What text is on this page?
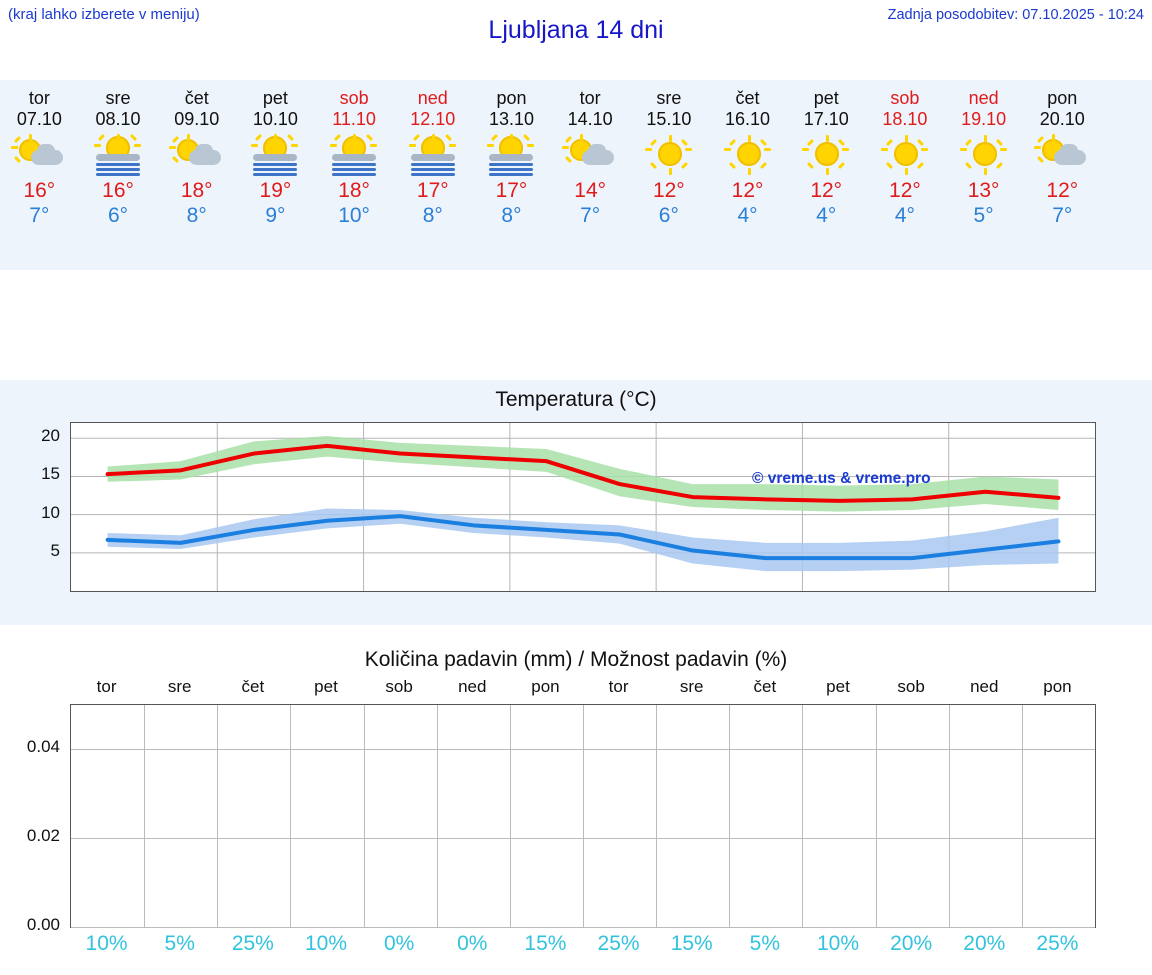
(kraj lahko izberete v meniju)
Ljubljana 14 dni
Zadnja posodobitev: 07.10.2025 - 10:24
tor
07.10
16°
7°
sre
08.10
16°
6°
čet
09.10
18°
8°
pet
10.10
19°
9°
sob
11.10
18°
10°
ned
12.10
17°
8°
pon
13.10
17°
8°
tor
14.10
14°
7°
sre
15.10
12°
6°
čet
16.10
12°
4°
pet
17.10
12°
4°
sob
18.10
12°
4°
ned
19.10
13°
5°
pon
20.10
12°
7°
Temperatura (°C)
5
10
15
20
© vreme.us & vreme.pro
Količina padavin (mm) / Možnost padavin (%)
tor	sre	čet	pet	sob	ned	pon	tor	sre	čet	pet	sob	ned	pon
0.00
0.02
0.04
10%	5%	25%	10%	0%	0%	15%	25%	15%	5%	10%	20%	20%	25%
